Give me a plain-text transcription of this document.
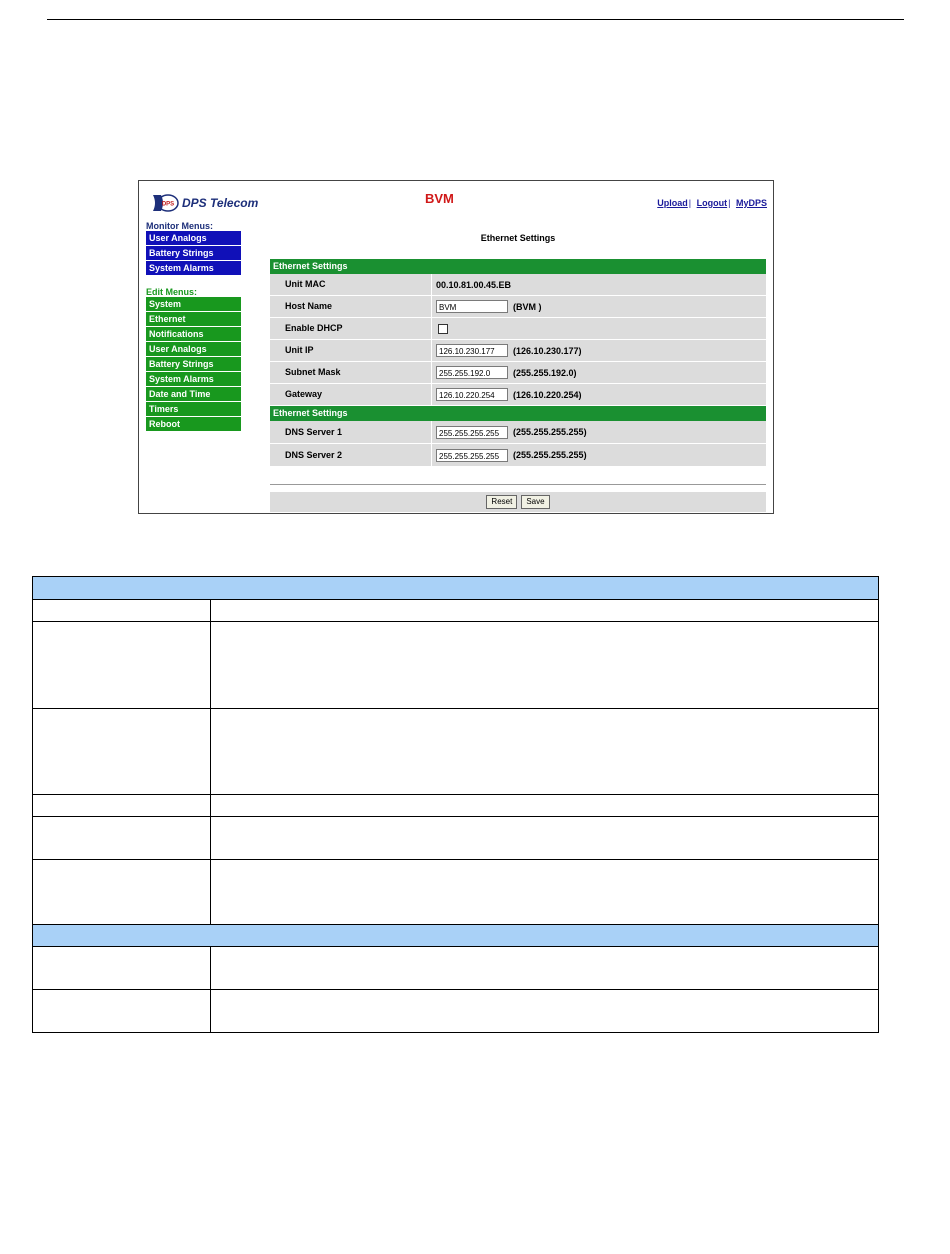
DPS DPS Telecom	BVM	Upload| Logout| MyDPS
Monitor Menus:
User Analogs
Battery Strings
System Alarms
Edit Menus:
System
Ethernet
Notifications
User Analogs
Battery Strings
System Alarms
Date and Time
Timers
Reboot
Ethernet Settings
Ethernet Settings
Unit MAC	00.10.81.00.45.EB
Host Name	BVM	(BVM )
Enable DHCP
Unit IP	126.10.230.177	(126.10.230.177)
Subnet Mask	255.255.192.0	(255.255.192.0)
Gateway	126.10.220.254	(126.10.220.254)
Ethernet Settings
DNS Server 1	255.255.255.255	(255.255.255.255)
DNS Server 2	255.255.255.255	(255.255.255.255)
Reset	Save
